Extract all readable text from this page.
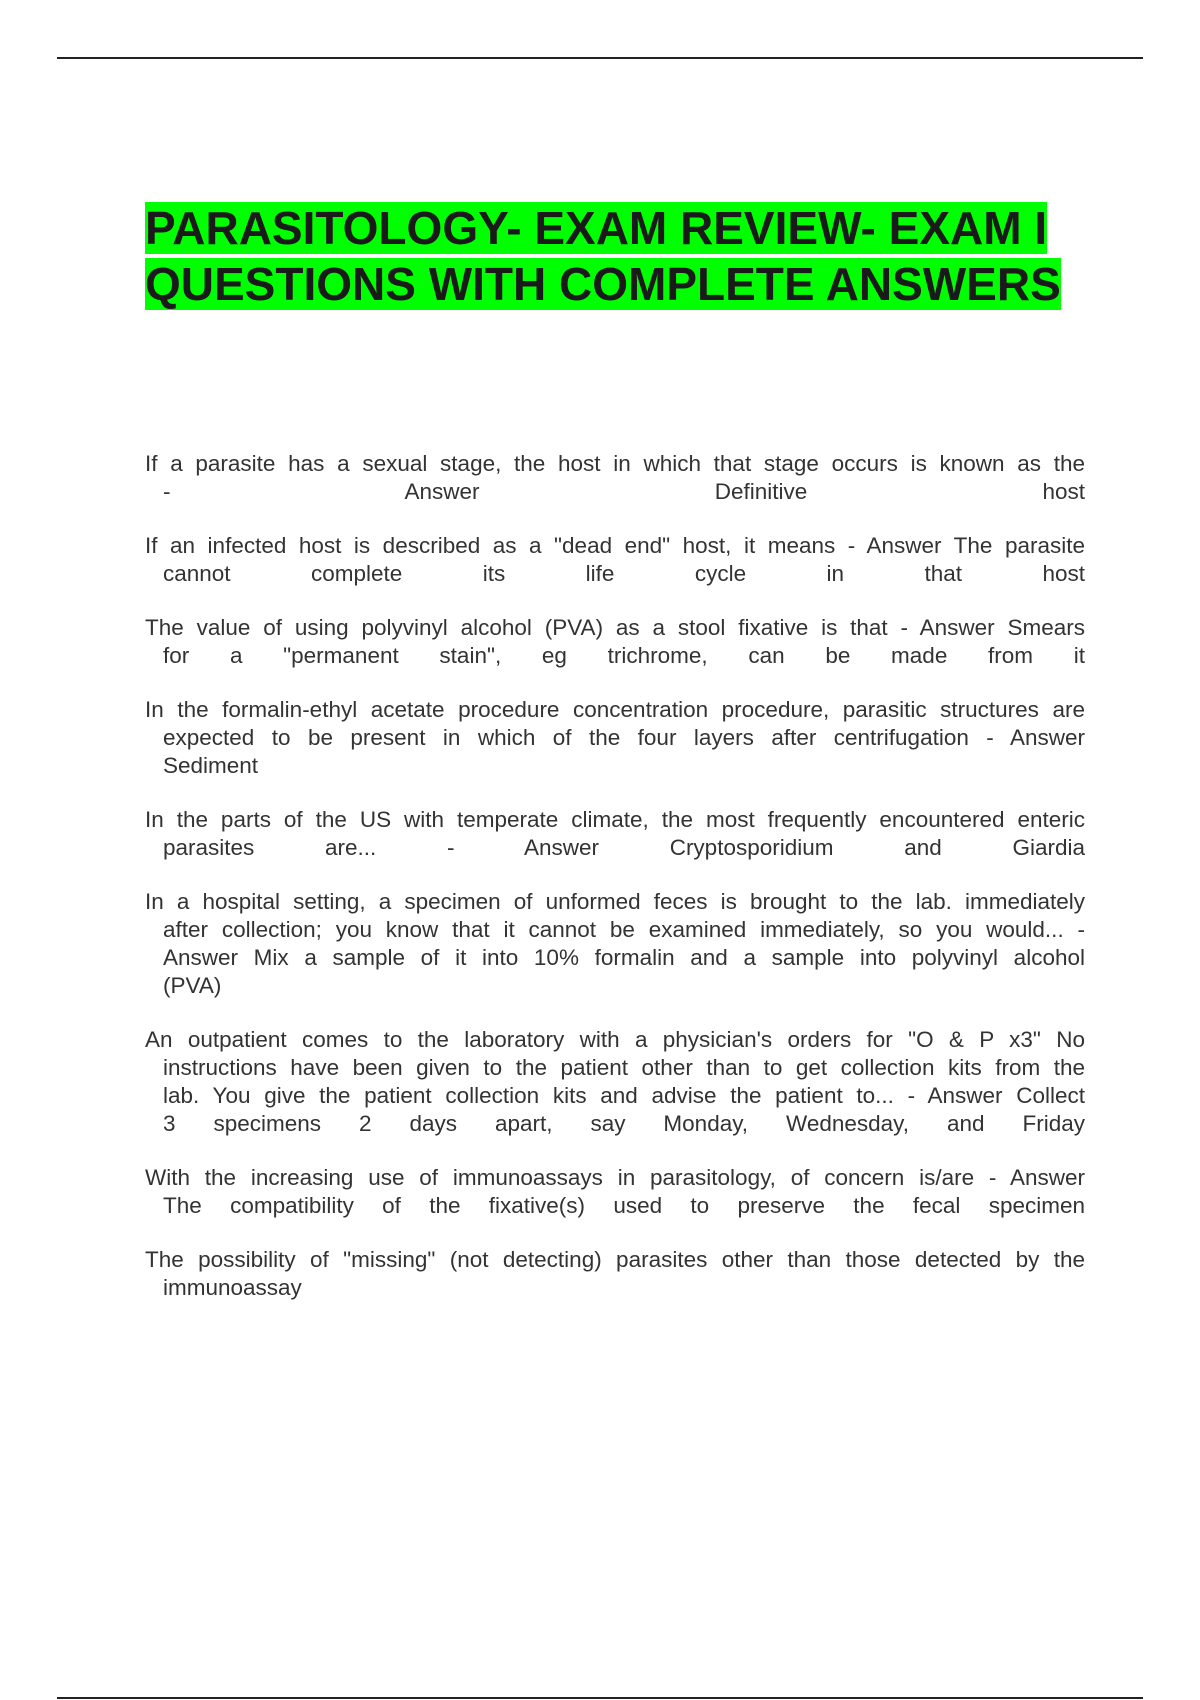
PARASITOLOGY- EXAM REVIEW- EXAM I QUESTIONS WITH COMPLETE ANSWERS
If a parasite has a sexual stage, the host in which that stage occurs is known as the - Answer Definitive host
If an infected host is described as a "dead end" host, it means - Answer The parasite cannot complete its life cycle in that host
The value of using polyvinyl alcohol (PVA) as a stool fixative is that - Answer Smears for a "permanent stain", eg trichrome, can be made from it
In the formalin-ethyl acetate procedure concentration procedure, parasitic structures are expected to be present in which of the four layers after centrifugation - Answer Sediment
In the parts of the US with temperate climate, the most frequently encountered enteric parasites are... - Answer Cryptosporidium and Giardia
In a hospital setting, a specimen of unformed feces is brought to the lab. immediately after collection; you know that it cannot be examined immediately, so you would... - Answer Mix a sample of it into 10% formalin and a sample into polyvinyl alcohol (PVA)
An outpatient comes to the laboratory with a physician's orders for "O & P x3" No instructions have been given to the patient other than to get collection kits from the lab. You give the patient collection kits and advise the patient to... - Answer Collect 3 specimens 2 days apart, say Monday, Wednesday, and Friday
With the increasing use of immunoassays in parasitology, of concern is/are - Answer The compatibility of the fixative(s) used to preserve the fecal specimen
The possibility of "missing" (not detecting) parasites other than those detected by the immunoassay
